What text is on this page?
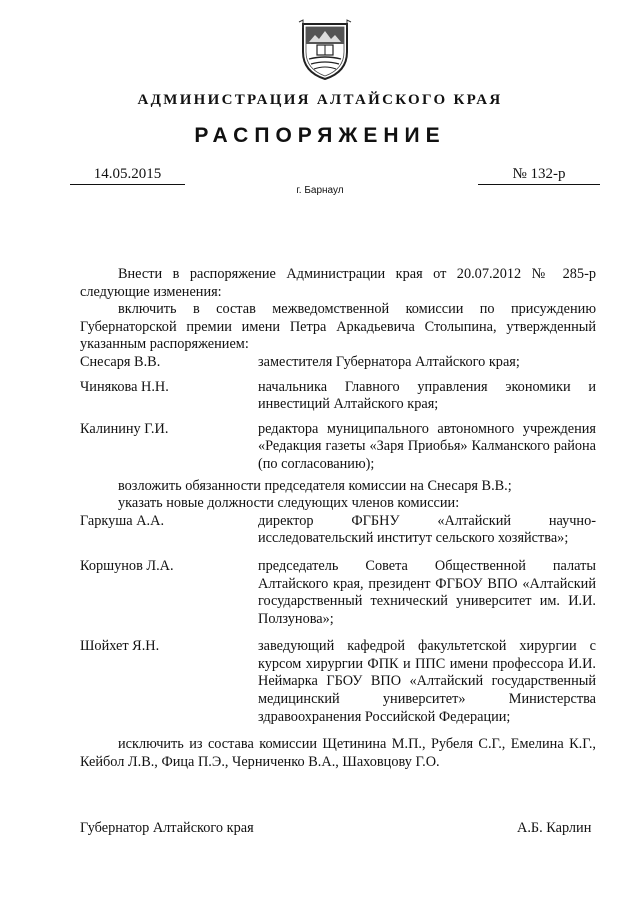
АДМИНИСТРАЦИЯ АЛТАЙСКОГО КРАЯ
РАСПОРЯЖЕНИЕ
14.05.2015	№ 132-р
г. Барнаул

Внести в распоряжение Администрации края от 20.07.2012 № 285-р следующие изменения:

включить в состав межведомственной комиссии по присуждению Губернаторской премии имени Петра Аркадьевича Столыпина, утвержденный указанным распоряжением:

Снесаря В.В.	заместителя Губернатора Алтайского края;
Чинякова Н.Н.	начальника Главного управления экономики и инвестиций Алтайского края;
Калинину Г.И.	редактора муниципального автономного учреждения «Редакция газеты «Заря Приобья» Калманского района (по согласованию);

возложить обязанности председателя комиссии на Снесаря В.В.;

указать новые должности следующих членов комиссии:

Гаркуша А.А.	директор ФГБНУ «Алтайский научно-исследовательский институт сельского хозяйства»;
Коршунов Л.А.	председатель Совета Общественной палаты Алтайского края, президент ФГБОУ ВПО «Алтайский государственный технический университет им. И.И. Ползунова»;
Шойхет Я.Н.	заведующий кафедрой факультетской хирургии с курсом хирургии ФПК и ППС имени профессора И.И. Неймарка ГБОУ ВПО «Алтайский государственный медицинский университет» Министерства здравоохранения Российской Федерации;

исключить из состава комиссии Щетинина М.П., Рубеля С.Г., Емелина К.Г., Кейбол Л.В., Фица П.Э., Черниченко В.А., Шаховцову Г.О.

Губернатор Алтайского края	А.Б. Карлин
